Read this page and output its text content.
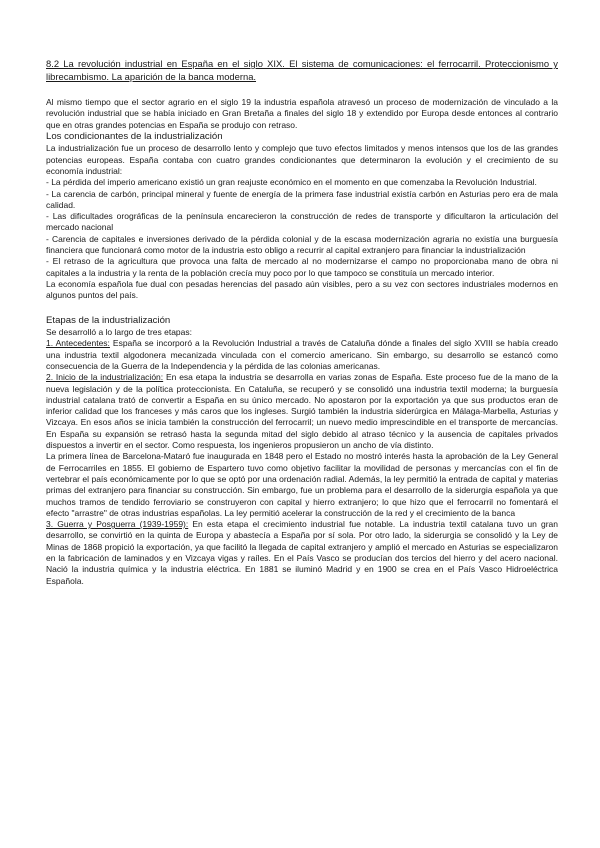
8.2 La revolución industrial en España en el siglo XIX. El sistema de comunicaciones: el ferrocarril. Proteccionismo y librecambismo. La aparición de la banca moderna.

Al mismo tiempo que el sector agrario en el siglo 19 la industria española atravesó un proceso de modernización de vinculado a la revolución industrial que se había iniciado en Gran Bretaña a finales del siglo 18 y extendido por Europa desde entonces al contrario que en otras grandes potencias en España se produjo con retraso.

Los condicionantes de la industrialización

La industrialización fue un proceso de desarrollo lento y complejo que tuvo efectos limitados y menos intensos que los de las grandes potencias europeas. España contaba con cuatro grandes condicionantes que determinaron la evolución y el crecimiento de su economía industrial:

- La pérdida del imperio americano existió un gran reajuste económico en el momento en que comenzaba la Revolución Industrial.

- La carencia de carbón, principal mineral y fuente de energía de la primera fase industrial existía carbón en Asturias pero era de mala calidad.

- Las dificultades orográficas de la península encarecieron la construcción de redes de transporte y dificultaron la articulación del mercado nacional

- Carencia de capitales e inversiones derivado de la pérdida colonial y de la escasa modernización agraria no existía una burguesía financiera que funcionará como motor de la industria esto obligo a recurrir al capital extranjero para financiar la industrialización

- El retraso de la agricultura que provoca una falta de mercado al no modernizarse el campo no proporcionaba mano de obra ni capitales a la industria y la renta de la población crecía muy poco por lo que tampoco se constituía un mercado interior.

La economía española fue dual con pesadas herencias del pasado aún visibles, pero a su vez con sectores industriales modernos en algunos puntos del país.

Etapas de la industrialización

Se desarrolló a lo largo de tres etapas:

1. Antecedentes: España se incorporó a la Revolución Industrial a través de Cataluña dónde a finales del siglo XVIII se había creado una industria textil algodonera mecanizada vinculada con el comercio americano. Sin embargo, su desarrollo se estancó como consecuencia de la Guerra de la Independencia y la pérdida de las colonias americanas.

2. Inicio de la industrialización: En esa etapa la industria se desarrolla en varias zonas de España. Este proceso fue de la mano de la nueva legislación y de la política proteccionista. En Cataluña, se recuperó y se consolidó una industria textil moderna; la burguesía industrial catalana trató de convertir a España en su único mercado. No apostaron por la exportación ya que sus productos eran de inferior calidad que los franceses y más caros que los ingleses. Surgió también la industria siderúrgica en Málaga-Marbella, Asturias y Vizcaya. En esos años se inicia también la construcción del ferrocarril; un nuevo medio imprescindible en el transporte de mercancías. En España su expansión se retrasó hasta la segunda mitad del siglo debido al atraso técnico y la ausencia de capitales privados dispuestos a invertir en el sector. Como respuesta, los ingenieros propusieron un ancho de vía distinto.

La primera línea de Barcelona-Mataró fue inaugurada en 1848 pero el Estado no mostró interés hasta la aprobación de la Ley General de Ferrocarriles en 1855. El gobierno de Espartero tuvo como objetivo facilitar la movilidad de personas y mercancías con el fin de vertebrar el país económicamente por lo que se optó por una ordenación radial. Además, la ley permitió la entrada de capital y materias primas del extranjero para financiar su construcción. Sin embargo, fue un problema para el desarrollo de la siderurgia española ya que muchos tramos de tendido ferroviario se construyeron con capital y hierro extranjero; lo que hizo que el ferrocarril no fomentará el efecto "arrastre" de otras industrias españolas. La ley permitió acelerar la construcción de la red y el crecimiento de la banca

3. Guerra y Posguerra (1939-1959): En esta etapa el crecimiento industrial fue notable. La industria textil catalana tuvo un gran desarrollo, se convirtió en la quinta de Europa y abastecía a España por sí sola. Por otro lado, la siderurgia se consolidó y la Ley de Minas de 1868 propició la exportación, ya que facilitó la llegada de capital extranjero y amplió el mercado en Asturias se especializaron en la fabricación de laminados y en Vizcaya vigas y raíles. En el País Vasco se producían dos tercios del hierro y del acero nacional. Nació la industria química y la industria eléctrica. En 1881 se iluminó Madrid y en 1900 se crea en el País Vasco Hidroeléctrica Española.
